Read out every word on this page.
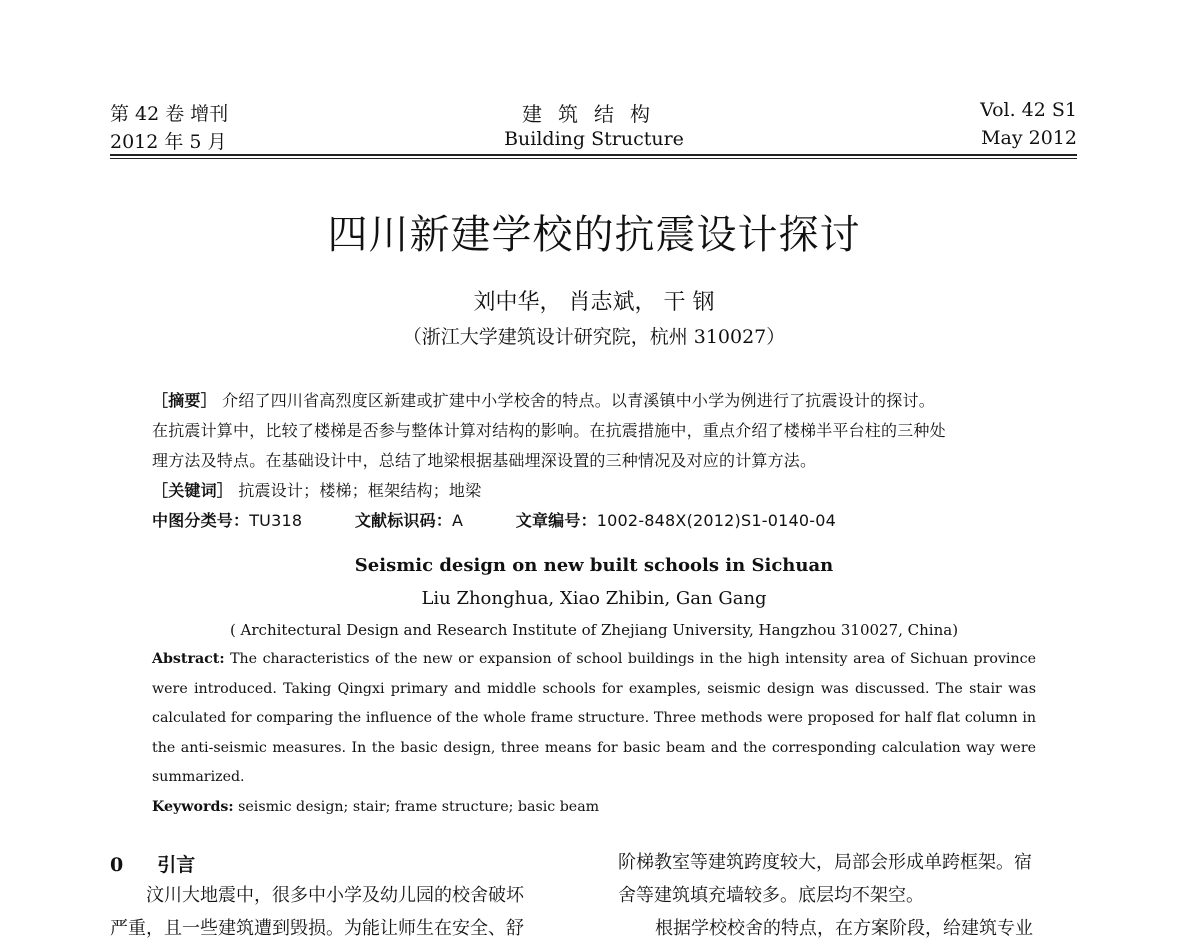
第 42 卷 增刊
2012 年 5 月
建筑结构
Building Structure
Vol. 42 S1
May 2012
四川新建学校的抗震设计探讨
刘中华， 肖志斌， 干 钢
（浙江大学建筑设计研究院，杭州 310027）
［摘要］ 介绍了四川省高烈度区新建或扩建中小学校舍的特点。以青溪镇中小学为例进行了抗震设计的探讨。
在抗震计算中，比较了楼梯是否参与整体计算对结构的影响。在抗震措施中，重点介绍了楼梯半平台柱的三种处
理方法及特点。在基础设计中，总结了地梁根据基础埋深设置的三种情况及对应的计算方法。
［关键词］ 抗震设计；楼梯；框架结构；地梁
中图分类号：TU318	文献标识码：A	文章编号：1002-848X(2012)S1-0140-04
Seismic design on new built schools in Sichuan
Liu Zhonghua, Xiao Zhibin, Gan Gang
( Architectural Design and Research Institute of Zhejiang University, Hangzhou 310027, China)
Abstract: The characteristics of the new or expansion of school buildings in the high intensity area of Sichuan province
were introduced. Taking Qingxi primary and middle schools for examples, seismic design was discussed. The stair was
calculated for comparing the influence of the whole frame structure. Three methods were proposed for half flat column in
the anti-seismic measures. In the basic design, three means for basic beam and the corresponding calculation way were
summarized.
Keywords: seismic design; stair; frame structure; basic beam
0 引言
汶川大地震中，很多中小学及幼儿园的校舍破坏
严重，且一些建筑遭到毁损。为能让师生在安全、舒
阶梯教室等建筑跨度较大，局部会形成单跨框架。宿
舍等建筑填充墙较多。底层均不架空。
根据学校校舍的特点，在方案阶段，给建筑专业
